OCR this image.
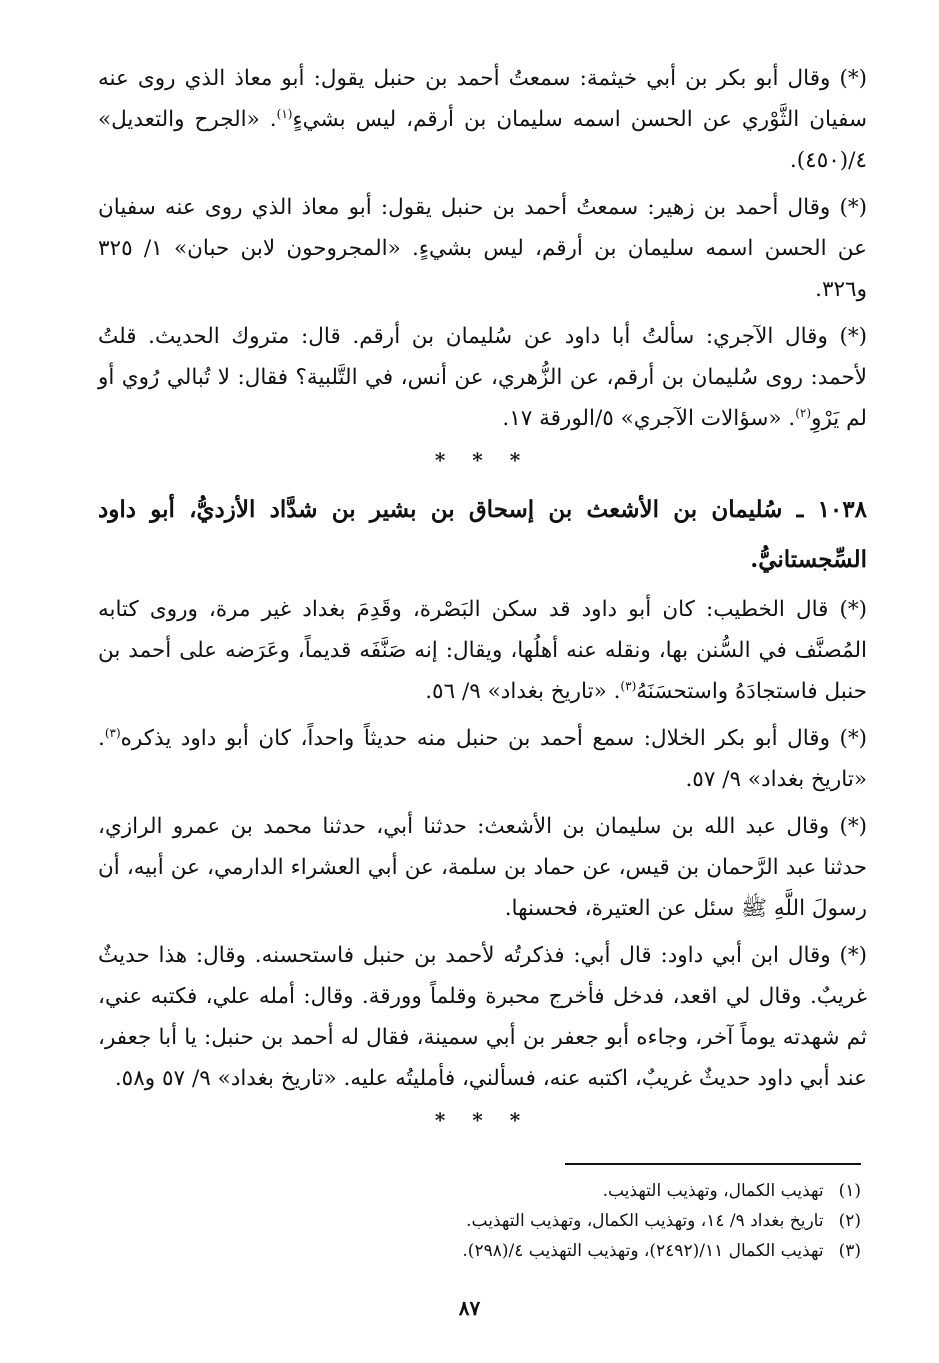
(*) وقال أبو بكر بن أبي خيثمة: سمعتُ أحمد بن حنبل يقول: أبو معاذ الذي روى عنه سفيان الثَّوْري عن الحسن اسمه سليمان بن أرقم، ليس بشيءٍ$^{(١)}$. «الجرح والتعديل» ٤/(٤٥٠).

(*) وقال أحمد بن زهير: سمعتُ أحمد بن حنبل يقول: أبو معاذ الذي روى عنه سفيان عن الحسن اسمه سليمان بن أرقم، ليس بشيءٍ. «المجروحون لابن حبان» ١/ ٣٢٥ و٣٢٦.

(*) وقال الآجري: سألتُ أبا داود عن سُليمان بن أرقم. قال: متروك الحديث. قلتُ لأحمد: روى سُليمان بن أرقم، عن الزُّهري، عن أنس، في التَّلبية؟ فقال: لا تُبالي رُوي أو لم يَرْوِ$^{(٢)}$. «سؤالات الآجري» ٥/الورقة ١٧.

* * *
١٠٣٨ ـ سُليمان بن الأشعث بن إسحاق بن بشير بن شدَّاد الأزديُّ، أبو داود السِّجستانيُّ.

(*) قال الخطيب: كان أبو داود قد سكن البَصْرة، وقَدِمَ بغداد غير مرة، وروى كتابه المُصنَّف في السُّنن بها، ونقله عنه أهلُها، ويقال: إنه صَنَّفَه قديماً، وعَرَضه على أحمد بن حنبل فاستجادَهُ واستحسَنَهُ$^{(٣)}$. «تاريخ بغداد» ٩/ ٥٦.

(*) وقال أبو بكر الخلال: سمع أحمد بن حنبل منه حديثاً واحداً، كان أبو داود يذكره$^{(٣)}$. «تاريخ بغداد» ٩/ ٥٧.

(*) وقال عبد الله بن سليمان بن الأشعث: حدثنا أبي، حدثنا محمد بن عمرو الرازي، حدثنا عبد الرَّحمان بن قيس، عن حماد بن سلمة، عن أبي العشراء الدارمي، عن أبيه، أن رسولَ اللَّهِ ﷺ سئل عن العتيرة، فحسنها.

(*) وقال ابن أبي داود: قال أبي: فذكرتُه لأحمد بن حنبل فاستحسنه. وقال: هذا حديثٌ غريبٌ. وقال لي اقعد، فدخل فأخرج محبرة وقلماً وورقة. وقال: أمله علي، فكتبه عني، ثم شهدته يوماً آخر، وجاءه أبو جعفر بن أبي سمينة، فقال له أحمد بن حنبل: يا أبا جعفر، عند أبي داود حديثٌ غريبٌ، اكتبه عنه، فسألني، فأمليتُه عليه. «تاريخ بغداد» ٩/ ٥٧ و٥٨.

* * *
(١) تهذيب الكمال، وتهذيب التهذيب.
(٢) تاريخ بغداد ٩/ ١٤، وتهذيب الكمال، وتهذيب التهذيب.
(٣) تهذيب الكمال ١١/(٢٤٩٢)، وتهذيب التهذيب ٤/(٢٩٨).
٨٧
